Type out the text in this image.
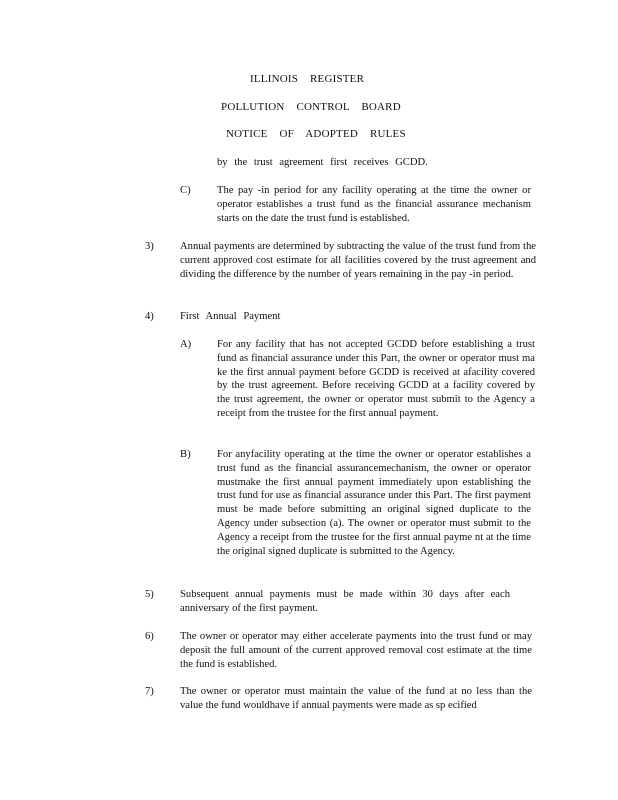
ILLINOIS REGISTER
POLLUTION CONTROL BOARD
NOTICE OF ADOPTED RULES
by the trust agreement first receives GCDD.
C)	The pay -in period for any facility operating at the time the owner or operator establishes a trust fund as the financial assurance mechanism starts on the date the trust fund is established.
3)	Annual payments are determined by subtracting the value of the trust fund from the current approved cost estimate for all facilities covered by the trust agreement and dividing the difference by the number of years remaining in the pay -in period.
4)	First Annual Payment
A)	For any facility that has not accepted GCDD before establishing a trust fund as financial assurance under this Part, the owner or operator must ma ke the first annual payment before GCDD is received at afacility covered by the trust agreement. Before receiving GCDD at a facility covered by the trust agreement, the owner or operator must submit to the Agency a receipt from the trustee for the first annual payment.
B)	For anyfacility operating at the time the owner or operator establishes a trust fund as the financial assurancemechanism, the owner or operator mustmake the first annual payment immediately upon establishing the trust fund for use as financial assurance under this Part. The first payment must be made before submitting an original signed duplicate to the Agency under subsection (a). The owner or operator must submit to the Agency a receipt from the trustee for the first annual payme nt at the time the original signed duplicate is submitted to the Agency.
5)	Subsequent annual payments must be made within 30 days after each anniversary of the first payment.
6)	The owner or operator may either accelerate payments into the trust fund or may deposit the full amount of the current approved removal cost estimate at the time the fund is established.
7)	The owner or operator must maintain the value of the fund at no less than the value the fund wouldhave if annual payments were made as sp ecified
